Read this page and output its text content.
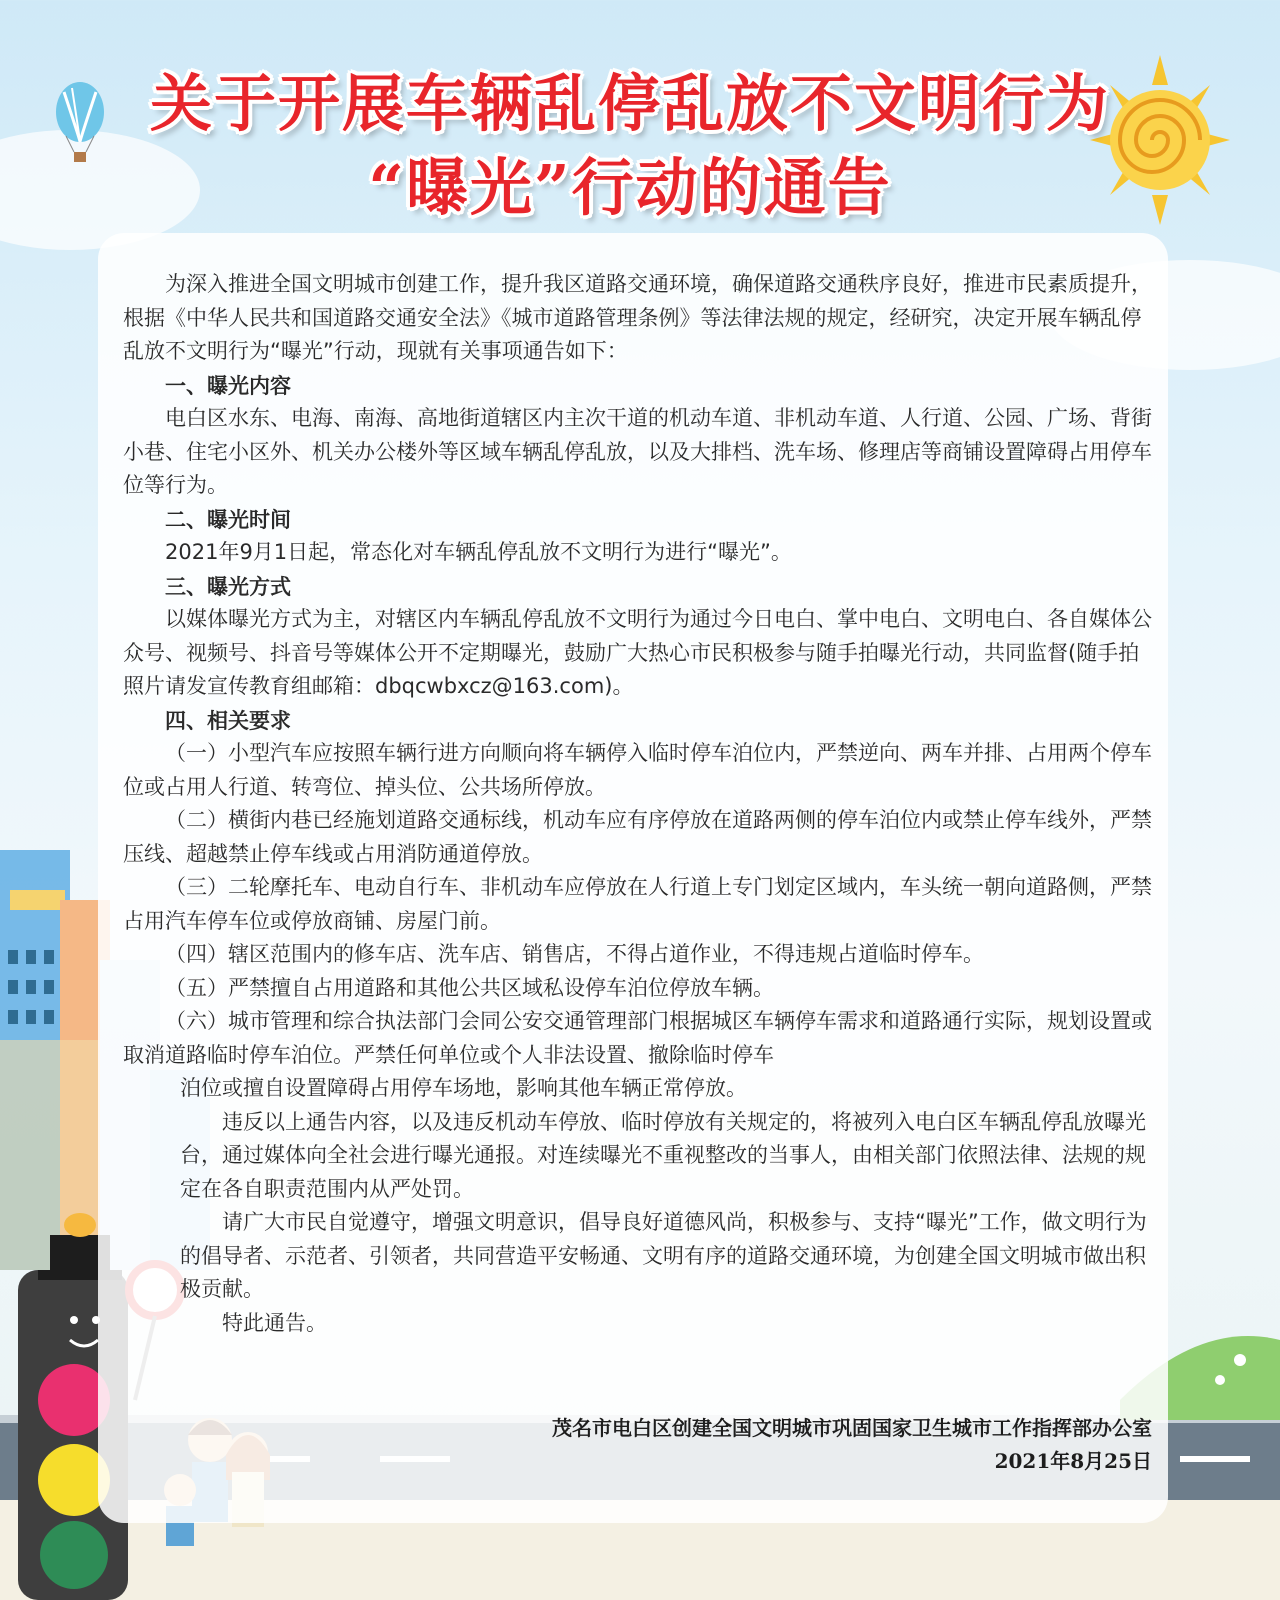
关于开展车辆乱停乱放不文明行为
“曝光”行动的通告

为深入推进全国文明城市创建工作，提升我区道路交通环境，确保道路交通秩序良好，推进市民素质提升，根据《中华人民共和国道路交通安全法》《城市道路管理条例》等法律法规的规定，经研究，决定开展车辆乱停乱放不文明行为“曝光”行动，现就有关事项通告如下：

一、曝光内容

电白区水东、电海、南海、高地街道辖区内主次干道的机动车道、非机动车道、人行道、公园、广场、背街小巷、住宅小区外、机关办公楼外等区域车辆乱停乱放，以及大排档、洗车场、修理店等商铺设置障碍占用停车位等行为。

二、曝光时间

2021年9月1日起，常态化对车辆乱停乱放不文明行为进行“曝光”。

三、曝光方式

以媒体曝光方式为主，对辖区内车辆乱停乱放不文明行为通过今日电白、掌中电白、文明电白、各自媒体公众号、视频号、抖音号等媒体公开不定期曝光，鼓励广大热心市民积极参与随手拍曝光行动，共同监督(随手拍照片请发宣传教育组邮箱：dbqcwbxcz@163.com)。

四、相关要求

（一）小型汽车应按照车辆行进方向顺向将车辆停入临时停车泊位内，严禁逆向、两车并排、占用两个停车位或占用人行道、转弯位、掉头位、公共场所停放。

（二）横街内巷已经施划道路交通标线，机动车应有序停放在道路两侧的停车泊位内或禁止停车线外，严禁压线、超越禁止停车线或占用消防通道停放。

（三）二轮摩托车、电动自行车、非机动车应停放在人行道上专门划定区域内，车头统一朝向道路侧，严禁占用汽车停车位或停放商铺、房屋门前。

（四）辖区范围内的修车店、洗车店、销售店，不得占道作业，不得违规占道临时停车。

（五）严禁擅自占用道路和其他公共区域私设停车泊位停放车辆。

（六）城市管理和综合执法部门会同公安交通管理部门根据城区车辆停车需求和道路通行实际，规划设置或取消道路临时停车泊位。严禁任何单位或个人非法设置、撤除临时停车

泊位或擅自设置障碍占用停车场地，影响其他车辆正常停放。

违反以上通告内容，以及违反机动车停放、临时停放有关规定的，将被列入电白区车辆乱停乱放曝光台，通过媒体向全社会进行曝光通报。对连续曝光不重视整改的当事人，由相关部门依照法律、法规的规定在各自职责范围内从严处罚。

请广大市民自觉遵守，增强文明意识，倡导良好道德风尚，积极参与、支持“曝光”工作，做文明行为的倡导者、示范者、引领者，共同营造平安畅通、文明有序的道路交通环境，为创建全国文明城市做出积极贡献。

特此通告。

茂名市电白区创建全国文明城市巩固国家卫生城市工作指挥部办公室
2021年8月25日
